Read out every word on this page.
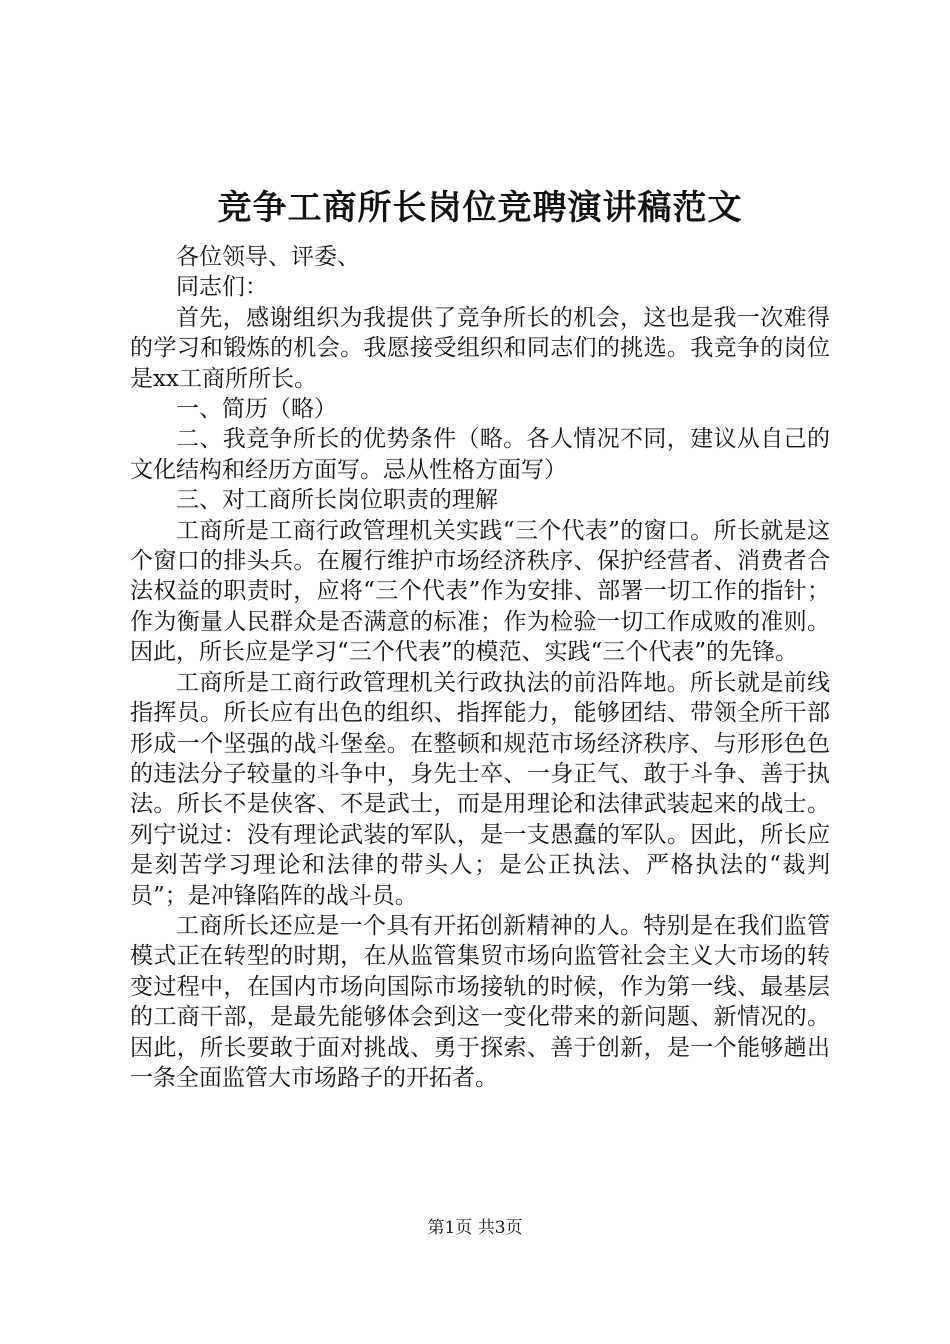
竞争工商所长岗位竞聘演讲稿范文

各位领导、评委、

同志们：

首先，感谢组织为我提供了竞争所长的机会，这也是我一次难得的学习和锻炼的机会。我愿接受组织和同志们的挑选。我竞争的岗位是xx工商所所长。

一、简历（略）

二、我竞争所长的优势条件（略。各人情况不同，建议从自己的文化结构和经历方面写。忌从性格方面写）

三、对工商所长岗位职责的理解

工商所是工商行政管理机关实践“三个代表”的窗口。所长就是这个窗口的排头兵。在履行维护市场经济秩序、保护经营者、消费者合法权益的职责时，应将“三个代表”作为安排、部署一切工作的指针；作为衡量人民群众是否满意的标准；作为检验一切工作成败的准则。因此，所长应是学习“三个代表”的模范、实践“三个代表”的先锋。

工商所是工商行政管理机关行政执法的前沿阵地。所长就是前线指挥员。所长应有出色的组织、指挥能力，能够团结、带领全所干部形成一个坚强的战斗堡垒。在整顿和规范市场经济秩序、与形形色色的违法分子较量的斗争中，身先士卒、一身正气、敢于斗争、善于执法。所长不是侠客、不是武士，而是用理论和法律武装起来的战士。列宁说过：没有理论武装的军队，是一支愚蠢的军队。因此，所长应是刻苦学习理论和法律的带头人；是公正执法、严格执法的“裁判员”；是冲锋陷阵的战斗员。

工商所长还应是一个具有开拓创新精神的人。特别是在我们监管模式正在转型的时期，在从监管集贸市场向监管社会主义大市场的转变过程中，在国内市场向国际市场接轨的时候，作为第一线、最基层的工商干部，是最先能够体会到这一变化带来的新问题、新情况的。因此，所长要敢于面对挑战、勇于探索、善于创新，是一个能够趟出一条全面监管大市场路子的开拓者。

第1页 共3页
